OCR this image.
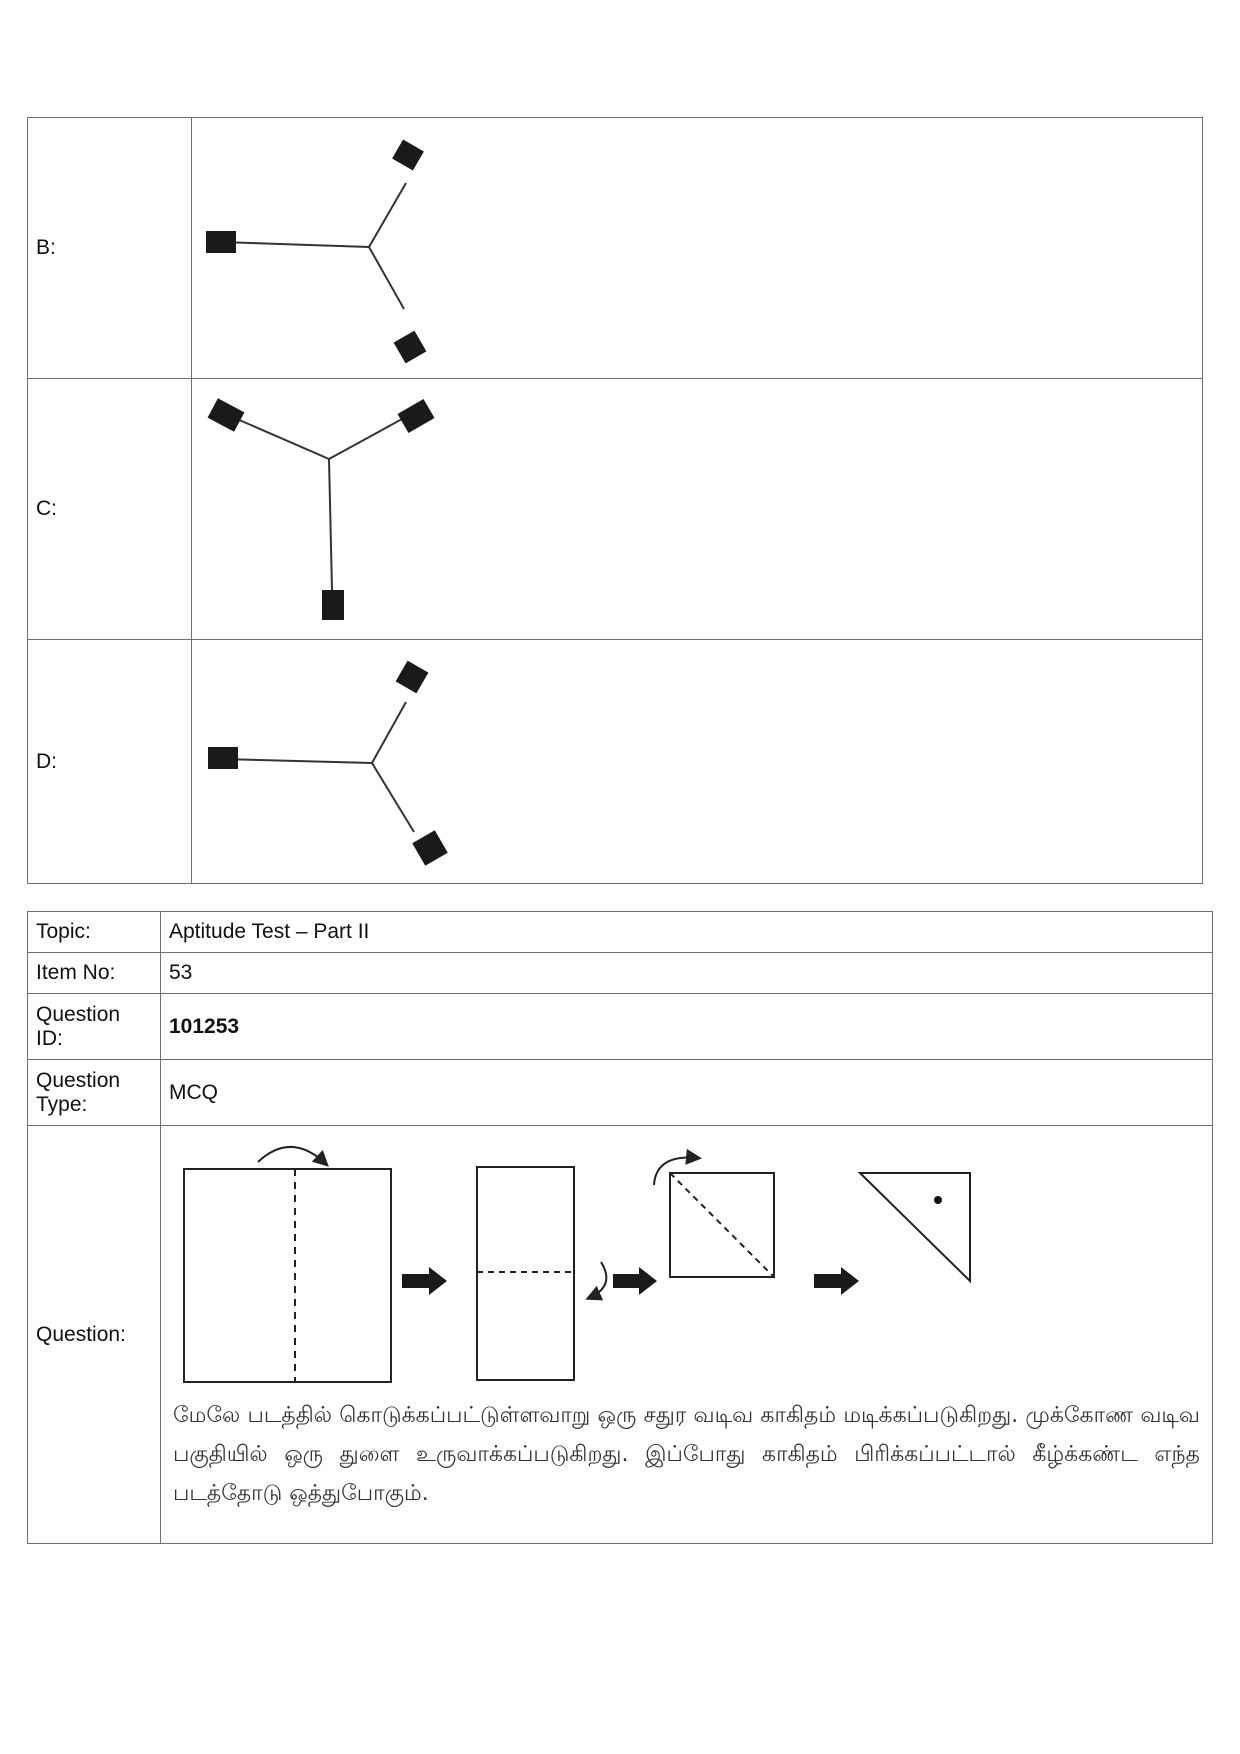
B:	

C:	

D:	
Topic:	Aptitude Test – Part II
Item No:	53

Question
ID:	101253

Question
Type:	MCQ
Question:	மேலே படத்தில் கொடுக்கப்பட்டுள்ளவாறு ஒரு சதுர வடிவ காகிதம் மடிக்கப்படுகிறது. முக்கோண வடிவ பகுதியில் ஒரு துளை உருவாக்கப்படுகிறது. இப்போது காகிதம் பிரிக்கப்பட்டால் கீழ்க்கண்ட எந்த படத்தோடு ஒத்துபோகும்.
